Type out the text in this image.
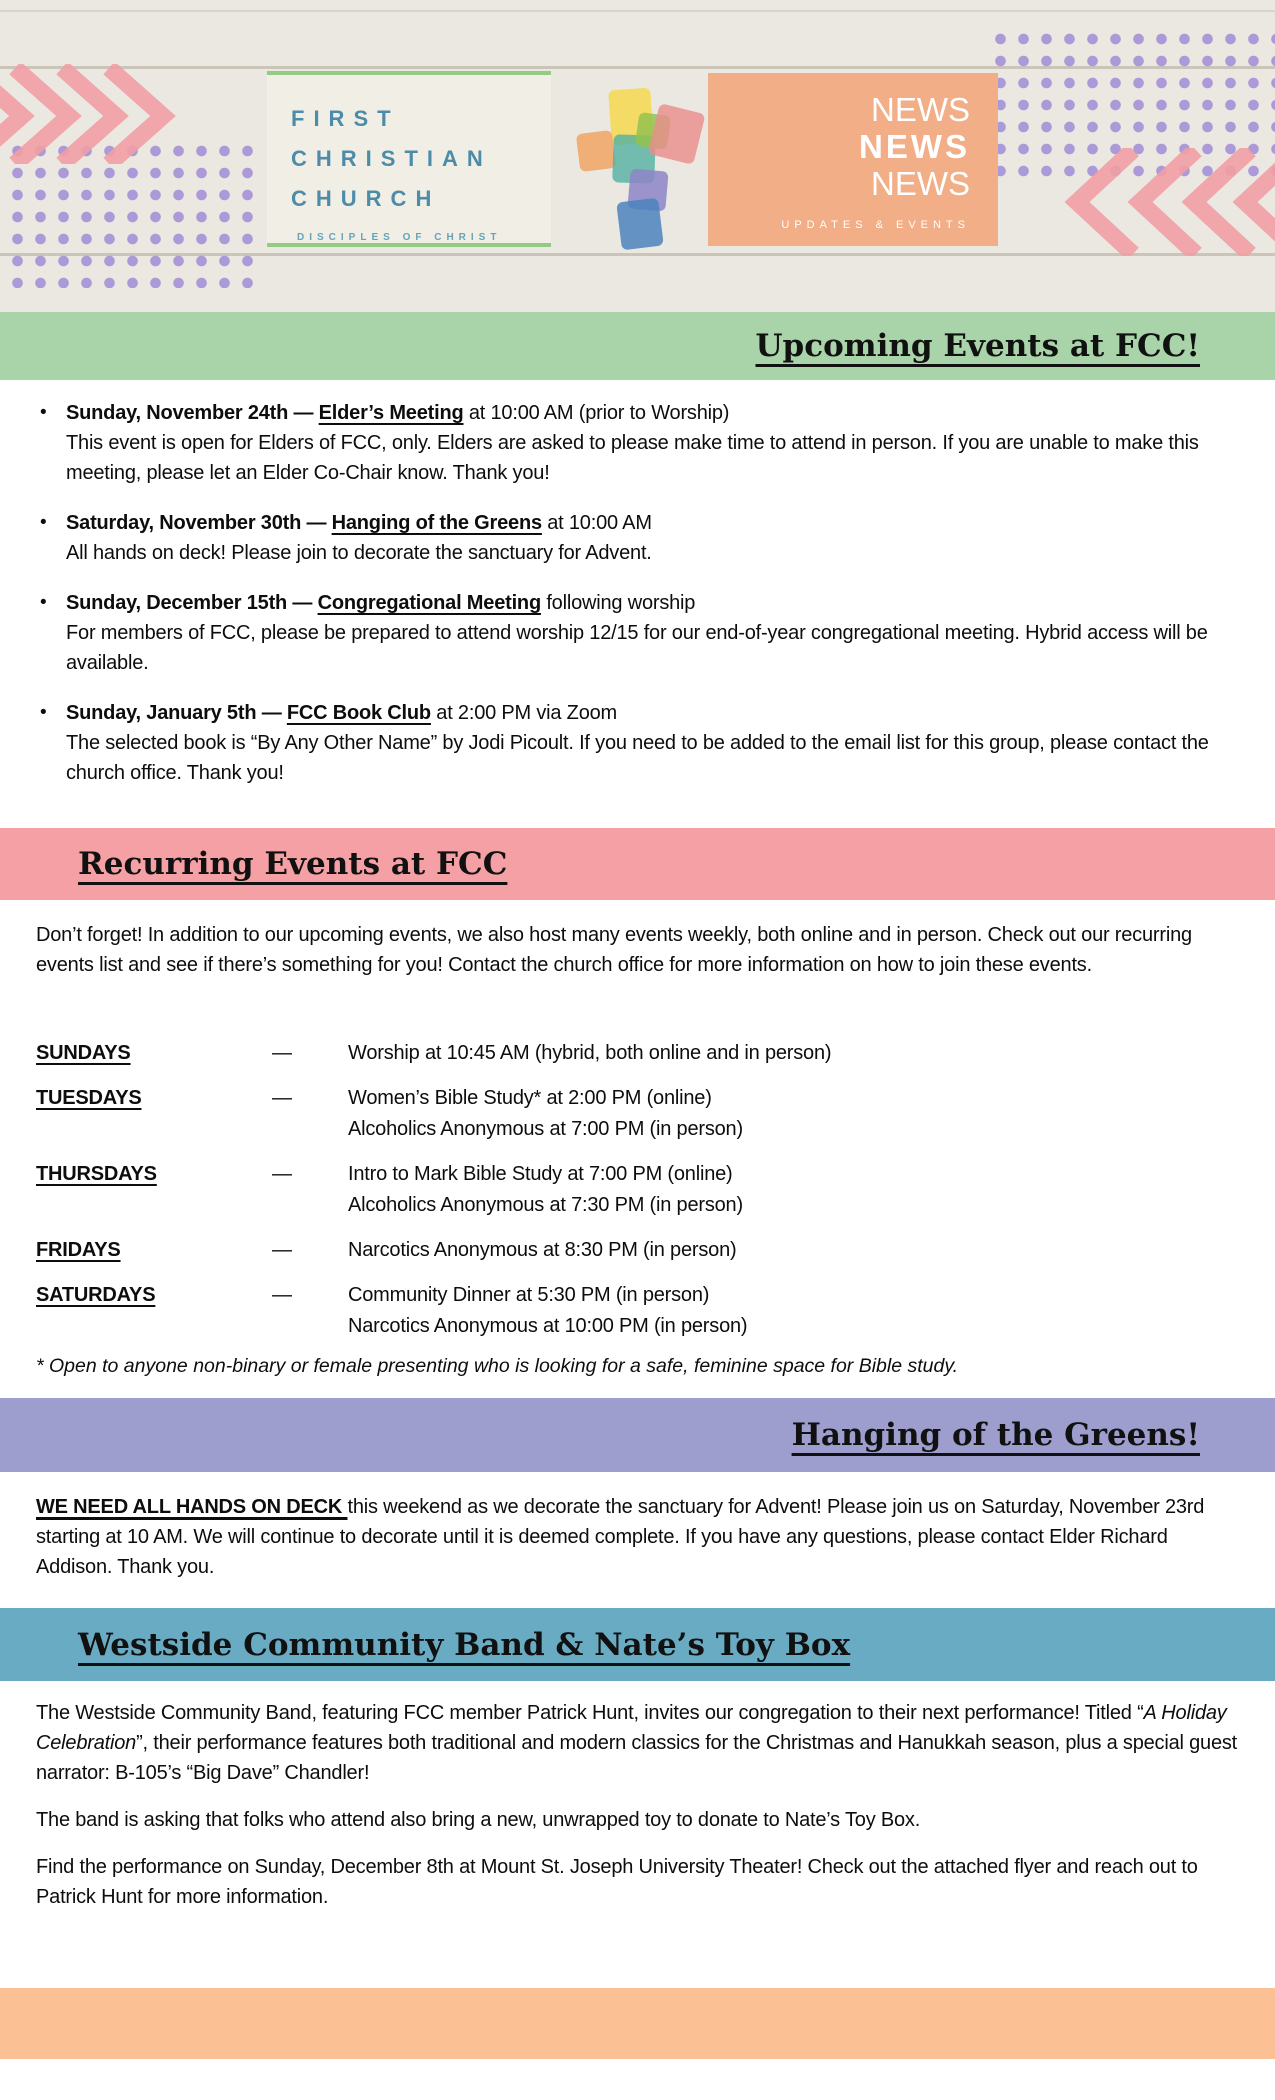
FIRST
CHRISTIAN
CHURCH
DISCIPLES OF CHRIST
NEWS
NEWS
NEWS
UPDATES & EVENTS
Upcoming Events at FCC!
• Sunday, November 24th — Elder’s Meeting at 10:00 AM (prior to Worship)
This event is open for Elders of FCC, only. Elders are asked to please make time to attend in person. If you are unable to make this meeting, please let an Elder Co-Chair know. Thank you!
• Saturday, November 30th — Hanging of the Greens at 10:00 AM
All hands on deck! Please join to decorate the sanctuary for Advent.
• Sunday, December 15th — Congregational Meeting following worship
For members of FCC, please be prepared to attend worship 12/15 for our end-of-year congregational meeting. Hybrid access will be available.
• Sunday, January 5th — FCC Book Club at 2:00 PM via Zoom
The selected book is “By Any Other Name” by Jodi Picoult. If you need to be added to the email list for this group, please contact the church office. Thank you!
Recurring Events at FCC
Don’t forget! In addition to our upcoming events, we also host many events weekly, both online and in person. Check out our recurring events list and see if there’s something for you! Contact the church office for more information on how to join these events.
SUNDAYS	—	Worship at 10:45 AM (hybrid, both online and in person)
TUESDAYS	—	Women’s Bible Study* at 2:00 PM (online)
Alcoholics Anonymous at 7:00 PM (in person)
THURSDAYS	—	Intro to Mark Bible Study at 7:00 PM (online)
Alcoholics Anonymous at 7:30 PM (in person)
FRIDAYS	—	Narcotics Anonymous at 8:30 PM (in person)
SATURDAYS	—	Community Dinner at 5:30 PM (in person)
Narcotics Anonymous at 10:00 PM (in person)
* Open to anyone non-binary or female presenting who is looking for a safe, feminine space for Bible study.
Hanging of the Greens!
WE NEED ALL HANDS ON DECK this weekend as we decorate the sanctuary for Advent! Please join us on Saturday, November 23rd starting at 10 AM. We will continue to decorate until it is deemed complete. If you have any questions, please contact Elder Richard Addison. Thank you.
Westside Community Band & Nate’s Toy Box

The Westside Community Band, featuring FCC member Patrick Hunt, invites our congregation to their next performance! Titled “A Holiday Celebration”, their performance features both traditional and modern classics for the Christmas and Hanukkah season, plus a special guest narrator: B-105’s “Big Dave” Chandler!

The band is asking that folks who attend also bring a new, unwrapped toy to donate to Nate’s Toy Box.

Find the performance on Sunday, December 8th at Mount St. Joseph University Theater! Check out the attached flyer and reach out to Patrick Hunt for more information.
